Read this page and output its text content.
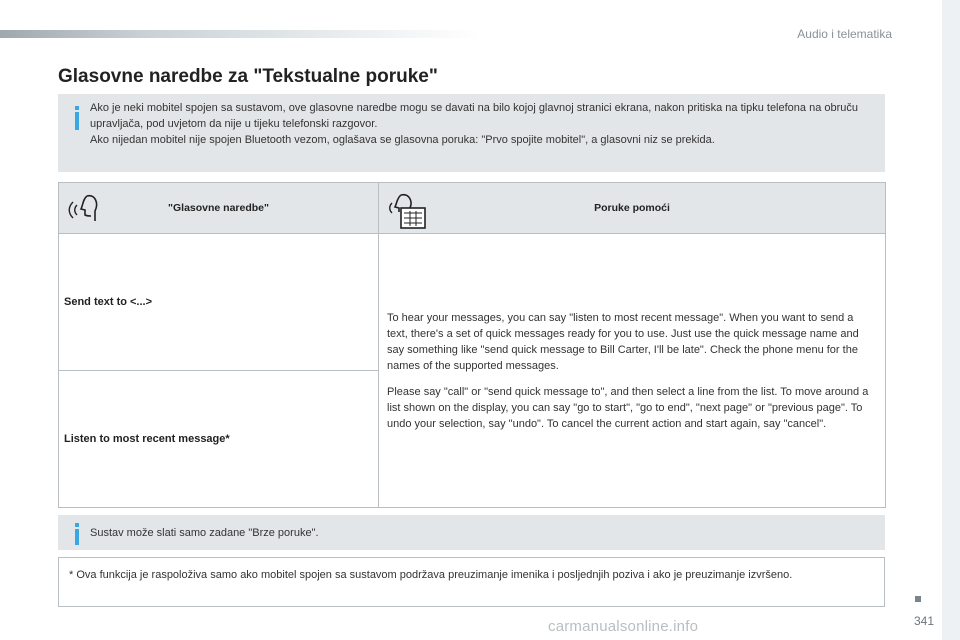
Audio i telematika
Glasovne naredbe za "Tekstualne poruke"

Ako je neki mobitel spojen sa sustavom, ove glasovne naredbe mogu se davati na bilo kojoj glavnoj stranici ekrana, nakon pritiska na tipku telefona na obruču upravljača, pod uvjetom da nije u tijeku telefonski razgovor.

Ako nijedan mobitel nije spojen Bluetooth vezom, oglašava se glasovna poruka: "Prvo spojite mobitel", a glasovni niz se prekida.

"Glasovne naredbe"	Poruke pomoći
Send text to <...>	To hear your messages, you can say "listen to most recent message". When you want to send a text, there's a set of quick messages ready for you to use. Just use the quick message name and say something like "send quick message to Bill Carter, I'll be late". Check the phone menu for the names of the supported messages.

Please say "call" or "send quick message to", and then select a line from the list. To move around a list shown on the display, you can say "go to start", "go to end", "next page" or "previous page". To undo your selection, say "undo". To cancel the current action and start again, say "cancel".

Listen to most recent message*	
Sustav može slati samo zadane "Brze poruke".
* Ova funkcija je raspoloživa samo ako mobitel spojen sa sustavom podržava preuzimanje imenika i posljednjih poziva i ako je preuzimanje izvršeno.
341
carmanualsonline.info
